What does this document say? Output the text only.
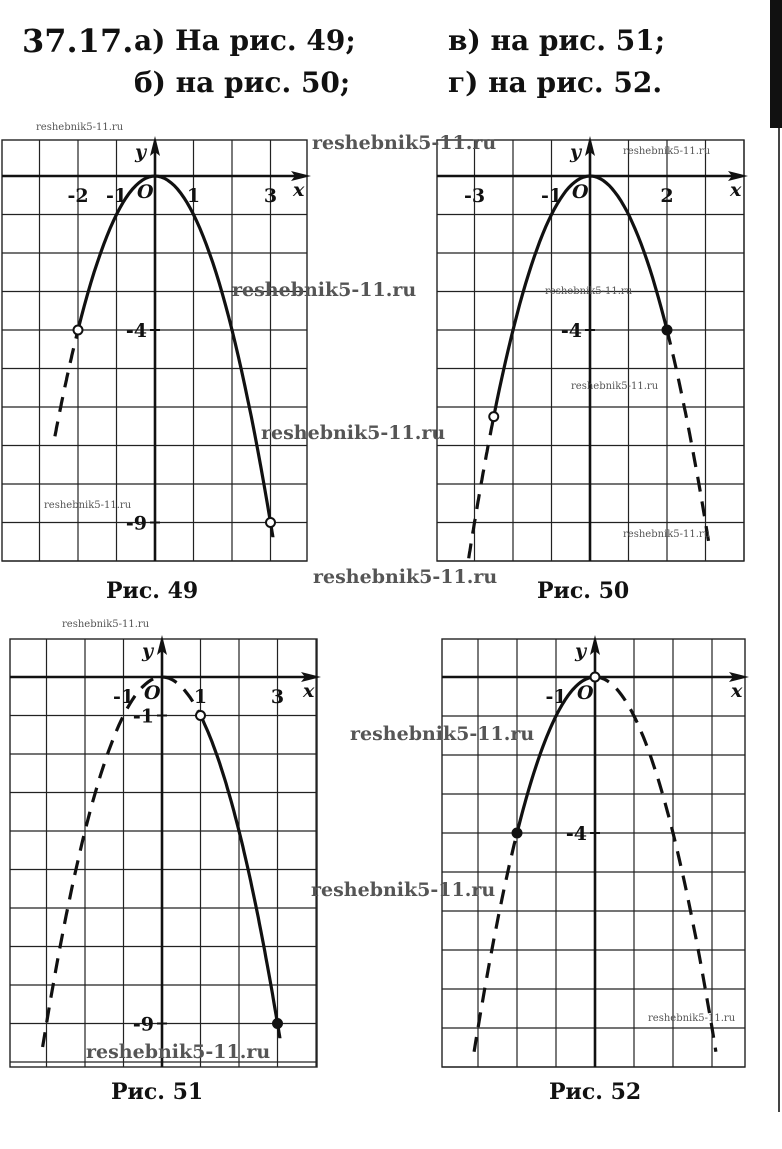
37.17. а) На рис. 49;
б) на рис. 50;
в) на рис. 51;
г) на рис. 52.
x
y
O
-2 -1	1	3
-4
-9
Рис. 49
x
y
O
-3	-1	2
-4
Рис. 50
x
y
O
-1	1	3
-1
-9
Рис. 51
x
y
O
-1
-4
Рис. 52
reshebnik5-11.ru
reshebnik5-11.ru	reshebnik5-11.ru
reshebnik5-11.ru	reshebnik5-11.ru
reshebnik5-11.ru
reshebnik5-11.ru
reshebnik5-11.ru
reshebnik5-11.ru
reshebnik5-11.ru
reshebnik5-11.ru
reshebnik5-11.ru
reshebnik5-11.ru
reshebnik5-11.ru
reshebnik5-11.ru
